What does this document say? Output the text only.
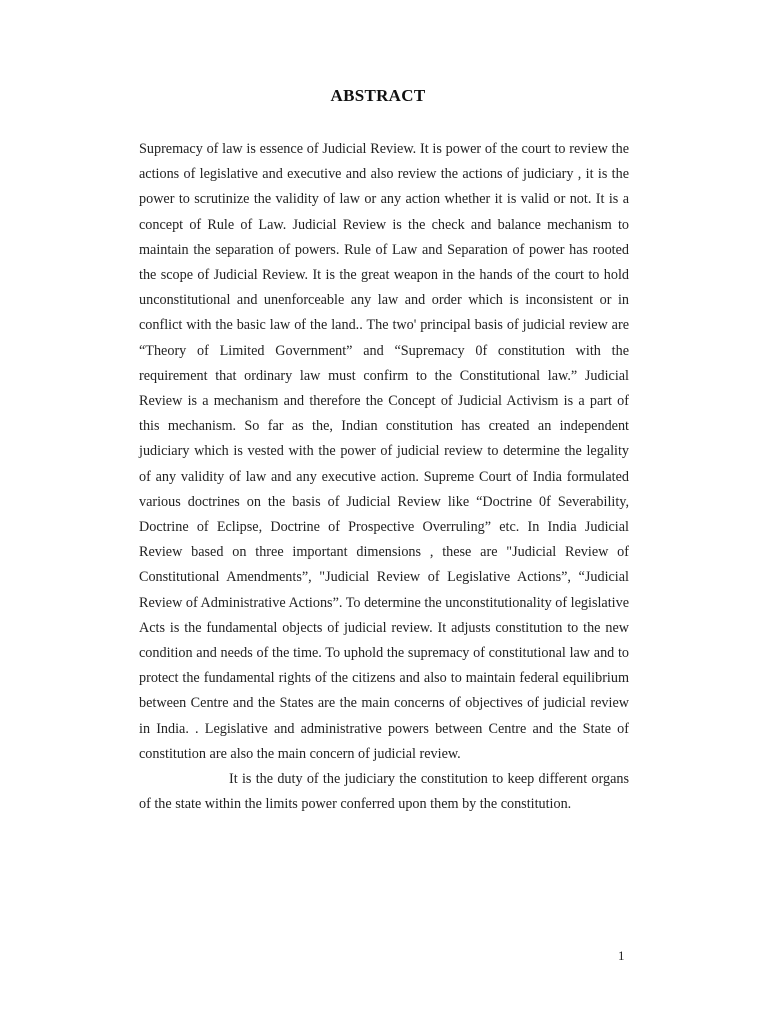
ABSTRACT

Supremacy of law is essence of Judicial Review. It is power of the court to review the actions of legislative and executive and also review the actions of judiciary , it is the power to scrutinize the validity of law or any action whether it is valid or not. It is a concept of Rule of Law. Judicial Review is the check and balance mechanism to maintain the separation of powers. Rule of Law and Separation of power has rooted the scope of Judicial Review. It is the great weapon in the hands of the court to hold unconstitutional and unenforceable any law and order which is inconsistent or in conflict with the basic law of the land.. The two' principal basis of judicial review are “Theory of Limited Government” and “Supremacy 0f constitution with the requirement that ordinary law must confirm to the Constitutional law.” Judicial Review is a mechanism and therefore the Concept of Judicial Activism is a part of this mechanism. So far as the, Indian constitution has created an independent judiciary which is vested with the power of judicial review to determine the legality of any validity of law and any executive action. Supreme Court of India formulated various doctrines on the basis of Judicial Review like “Doctrine 0f Severability, Doctrine of Eclipse, Doctrine of Prospective Overruling” etc. In India Judicial Review based on three important dimensions , these are "Judicial Review of Constitutional Amendments”, "Judicial Review of Legislative Actions”, “Judicial Review of Administrative Actions”. To determine the unconstitutionality of legislative Acts is the fundamental objects of judicial review. It adjusts constitution to the new condition and needs of the time. To uphold the supremacy of constitutional law and to protect the fundamental rights of the citizens and also to maintain federal equilibrium between Centre and the States are the main concerns of objectives of judicial review in India. . Legislative and administrative powers between Centre and the State of constitution are also the main concern of judicial review.

It is the duty of the judiciary the constitution to keep different organs of the state within the limits power conferred upon them by the constitution.

1
